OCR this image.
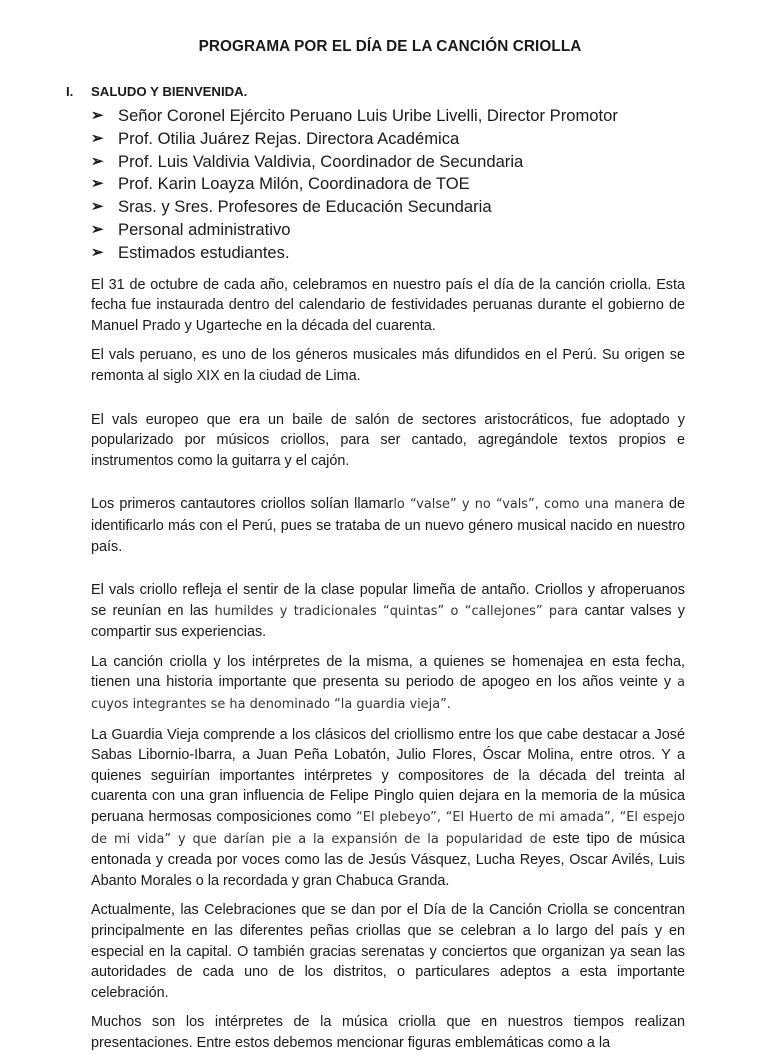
PROGRAMA POR EL DÍA DE LA CANCIÓN CRIOLLA
I. SALUDO Y BIENVENIDA.
➢ Señor Coronel Ejército Peruano Luis Uribe Livelli, Director Promotor
➢ Prof. Otilia Juárez Rejas. Directora Académica
➢ Prof. Luis Valdivia Valdivia, Coordinador de Secundaria
➢ Prof. Karin Loayza Milón, Coordinadora de TOE
➢ Sras. y Sres. Profesores de Educación Secundaria
➢ Personal administrativo
➢ Estimados estudiantes.

El 31 de octubre de cada año, celebramos en nuestro país el día de la canción criolla. Esta fecha fue instaurada dentro del calendario de festividades peruanas durante el gobierno de Manuel Prado y Ugarteche en la década del cuarenta.

El vals peruano, es uno de los géneros musicales más difundidos en el Perú. Su origen se remonta al siglo XIX en la ciudad de Lima.

El vals europeo que era un baile de salón de sectores aristocráticos, fue adoptado y popularizado por músicos criollos, para ser cantado, agregándole textos propios e instrumentos como la guitarra y el cajón.

Los primeros cantautores criollos solían llamarlo “valse” y no “vals”, como una manera de identificarlo más con el Perú, pues se trataba de un nuevo género musical nacido en nuestro país.

El vals criollo refleja el sentir de la clase popular limeña de antaño. Criollos y afroperuanos se reunían en las humildes y tradicionales “quintas” o “callejones” para cantar valses y compartir sus experiencias.

La canción criolla y los intérpretes de la misma, a quienes se homenajea en esta fecha, tienen una historia importante que presenta su periodo de apogeo en los años veinte y a cuyos integrantes se ha denominado “la guardia vieja”.

La Guardia Vieja comprende a los clásicos del criollismo entre los que cabe destacar a José Sabas Libornio-Ibarra, a Juan Peña Lobatón, Julio Flores, Óscar Molina, entre otros. Y a quienes seguirían importantes intérpretes y compositores de la década del treinta al cuarenta con una gran influencia de Felipe Pinglo quien dejara en la memoria de la música peruana hermosas composiciones como “El plebeyo”, “El Huerto de mi amada”, “El espejo de mi vida” y que darían pie a la expansión de la popularidad de este tipo de música entonada y creada por voces como las de Jesús Vásquez, Lucha Reyes, Oscar Avilés, Luis Abanto Morales o la recordada y gran Chabuca Granda.

Actualmente, las Celebraciones que se dan por el Día de la Canción Criolla se concentran principalmente en las diferentes peñas criollas que se celebran a lo largo del país y en especial en la capital. O también gracias serenatas y conciertos que organizan ya sean las autoridades de cada uno de los distritos, o particulares adeptos a esta importante celebración.

Muchos son los intérpretes de la música criolla que en nuestros tiempos realizan presentaciones. Entre estos debemos mencionar figuras emblemáticas como a la
